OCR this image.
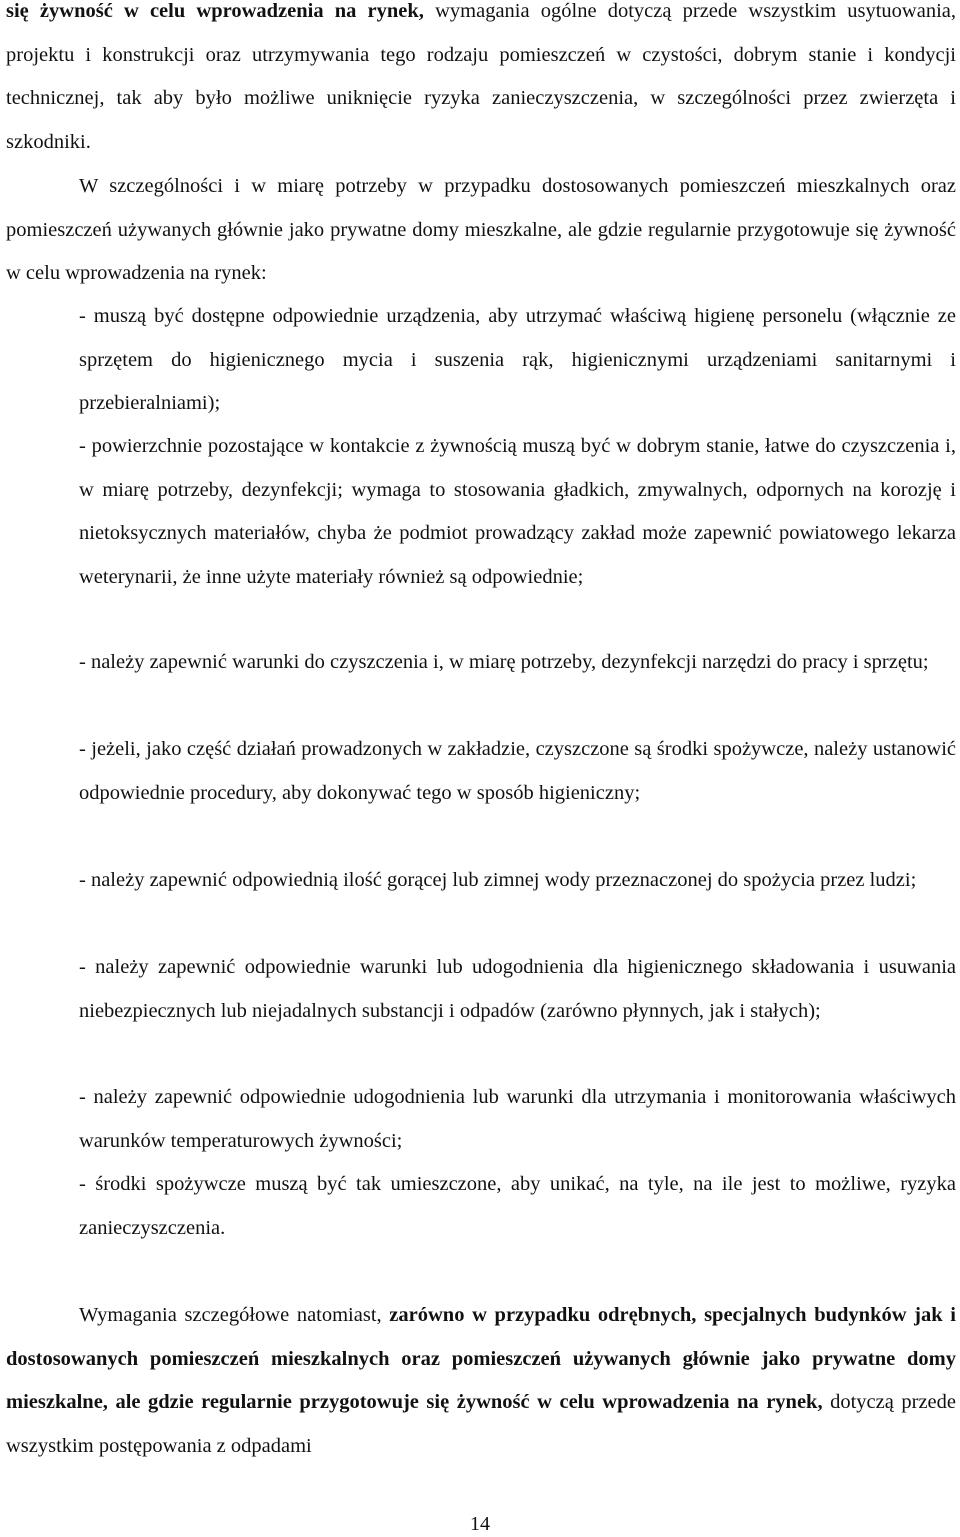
się żywność w celu wprowadzenia na rynek, wymagania ogólne dotyczą przede wszystkim usytuowania, projektu i konstrukcji oraz utrzymywania tego rodzaju pomieszczeń w czystości, dobrym stanie i kondycji technicznej, tak aby było możliwe uniknięcie ryzyka zanieczyszczenia, w szczególności przez zwierzęta i szkodniki.

W szczególności i w miarę potrzeby w przypadku dostosowanych pomieszczeń mieszkalnych oraz pomieszczeń używanych głównie jako prywatne domy mieszkalne, ale gdzie regularnie przygotowuje się żywność w celu wprowadzenia na rynek:

- muszą być dostępne odpowiednie urządzenia, aby utrzymać właściwą higienę personelu (włącznie ze sprzętem do higienicznego mycia i suszenia rąk, higienicznymi urządzeniami sanitarnymi i przebieralniami);

- powierzchnie pozostające w kontakcie z żywnością muszą być w dobrym stanie, łatwe do czyszczenia i, w miarę potrzeby, dezynfekcji; wymaga to stosowania gładkich, zmywalnych, odpornych na korozję i nietoksycznych materiałów, chyba że podmiot prowadzący zakład może zapewnić powiatowego lekarza weterynarii, że inne użyte materiały również są odpowiednie;

- należy zapewnić warunki do czyszczenia i, w miarę potrzeby, dezynfekcji narzędzi do pracy i sprzętu;

- jeżeli, jako część działań prowadzonych w zakładzie, czyszczone są środki spożywcze, należy ustanowić odpowiednie procedury, aby dokonywać tego w sposób higieniczny;

- należy zapewnić odpowiednią ilość gorącej lub zimnej wody przeznaczonej do spożycia przez ludzi;

- należy zapewnić odpowiednie warunki lub udogodnienia dla higienicznego składowania i usuwania niebezpiecznych lub niejadalnych substancji i odpadów (zarówno płynnych, jak i stałych);

- należy zapewnić odpowiednie udogodnienia lub warunki dla utrzymania i monitorowania właściwych warunków temperaturowych żywności;

- środki spożywcze muszą być tak umieszczone, aby unikać, na tyle, na ile jest to możliwe, ryzyka zanieczyszczenia.

Wymagania szczegółowe natomiast, zarówno w przypadku odrębnych, specjalnych budynków jak i dostosowanych pomieszczeń mieszkalnych oraz pomieszczeń używanych głównie jako prywatne domy mieszkalne, ale gdzie regularnie przygotowuje się żywność w celu wprowadzenia na rynek, dotyczą przede wszystkim postępowania z odpadami

14
